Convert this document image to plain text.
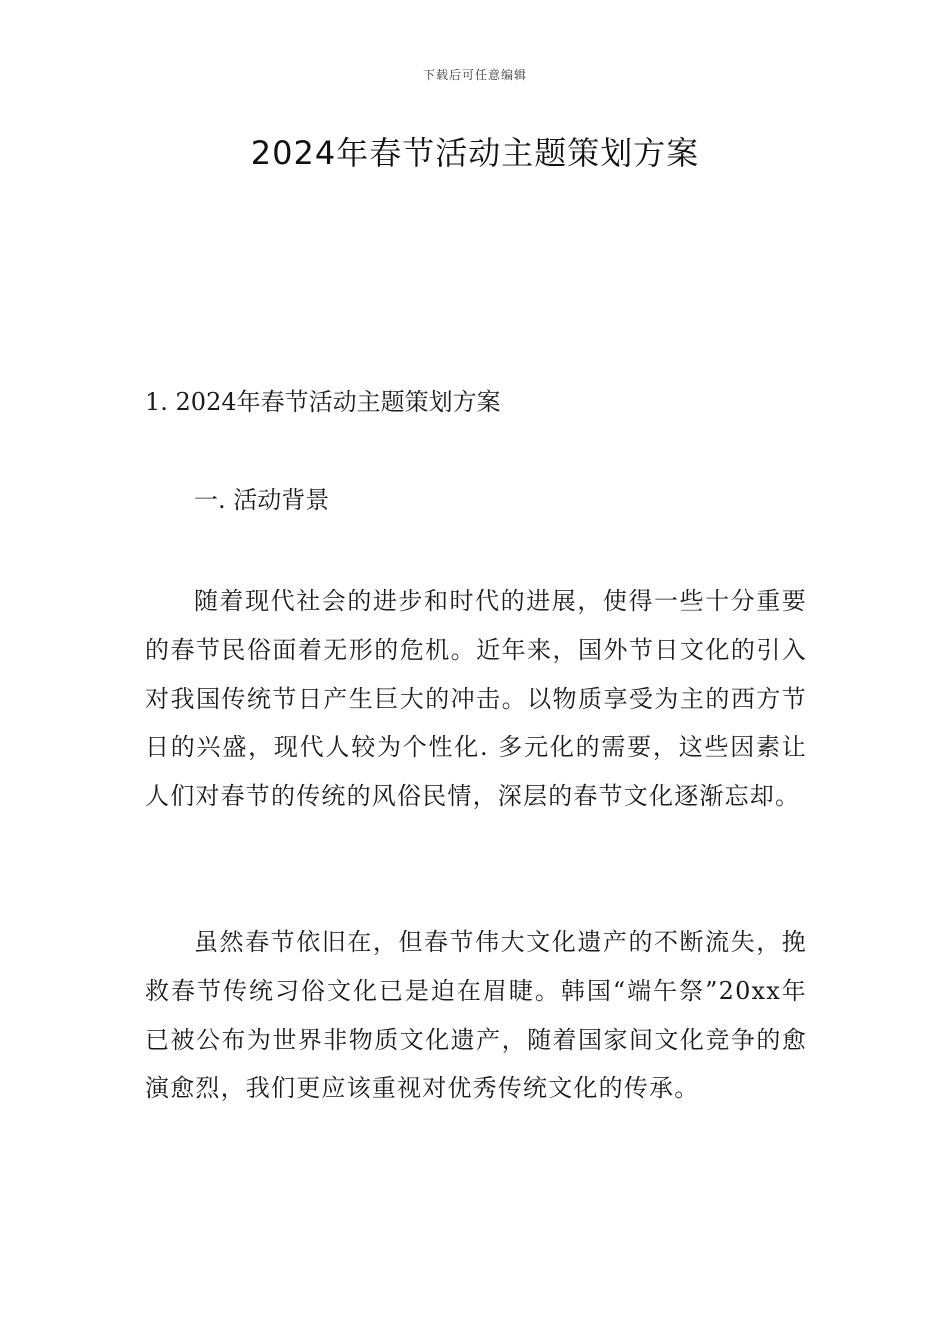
下载后可任意编辑
2024年春节活动主题策划方案
1. 2024年春节活动主题策划方案
一. 活动背景

随着现代社会的进步和时代的进展，使得一些十分重要的春节民俗面着无形的危机。近年来，国外节日文化的引入对我国传统节日产生巨大的冲击。以物质享受为主的西方节日的兴盛，现代人较为个性化. 多元化的需要，这些因素让人们对春节的传统的风俗民情，深层的春节文化逐渐忘却。

虽然春节依旧在，但春节伟大文化遗产的不断流失，挽救春节传统习俗文化已是迫在眉睫。韩国“端午祭”20xx年已被公布为世界非物质文化遗产，随着国家间文化竞争的愈演愈烈，我们更应该重视对优秀传统文化的传承。
